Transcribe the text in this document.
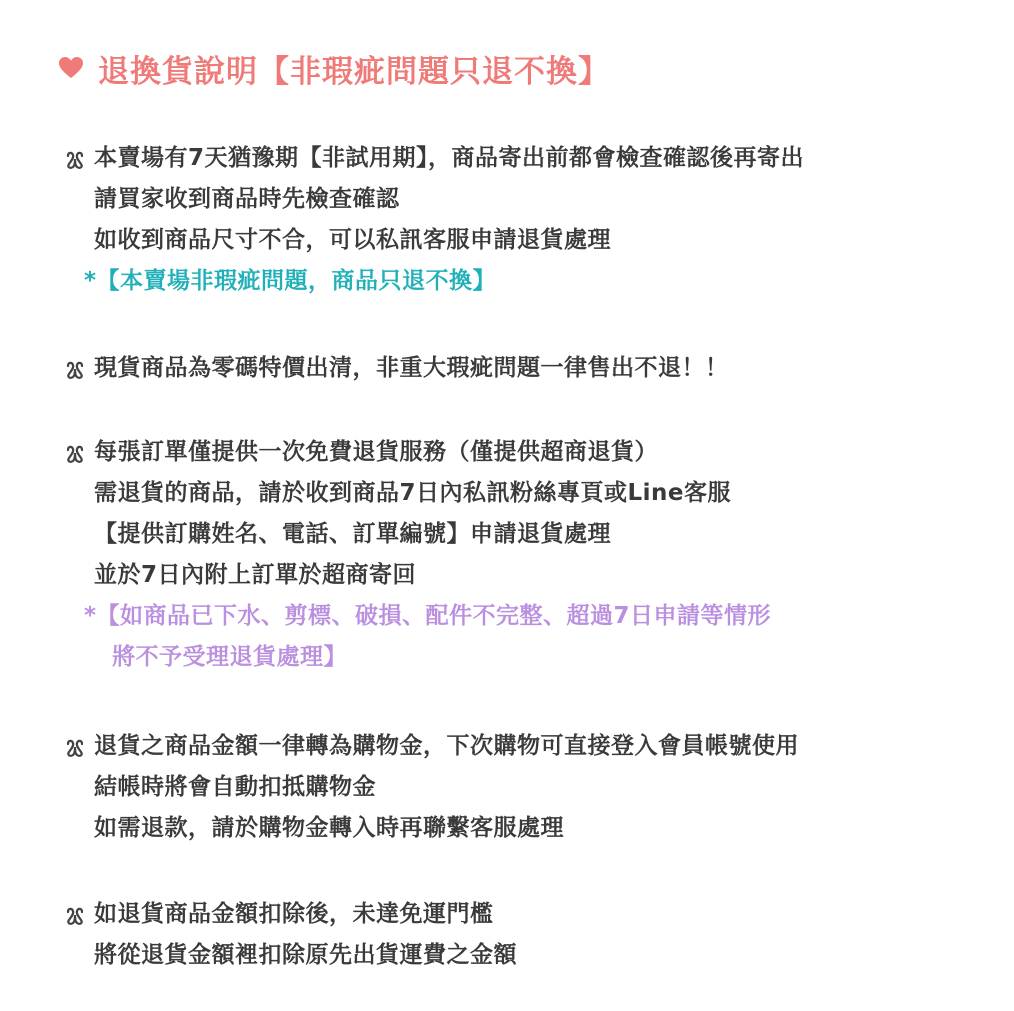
退換貨說明【非瑕疵問題只退不換】
本賣場有7天猶豫期【非試用期】，商品寄出前都會檢查確認後再寄出
請買家收到商品時先檢查確認
如收到商品尺寸不合，可以私訊客服申請退貨處理
*【本賣場非瑕疵問題，商品只退不換】
現貨商品為零碼特價出清，非重大瑕疵問題一律售出不退！！
每張訂單僅提供一次免費退貨服務（僅提供超商退貨）
需退貨的商品，請於收到商品7日內私訊粉絲專頁或Line客服
【提供訂購姓名、電話、訂單編號】申請退貨處理
並於7日內附上訂單於超商寄回
*【如商品已下水、剪標、破損、配件不完整、超過7日申請等情形
將不予受理退貨處理】
退貨之商品金額一律轉為購物金，下次購物可直接登入會員帳號使用
結帳時將會自動扣抵購物金
如需退款，請於購物金轉入時再聯繫客服處理
如退貨商品金額扣除後，未達免運門檻
將從退貨金額裡扣除原先出貨運費之金額
